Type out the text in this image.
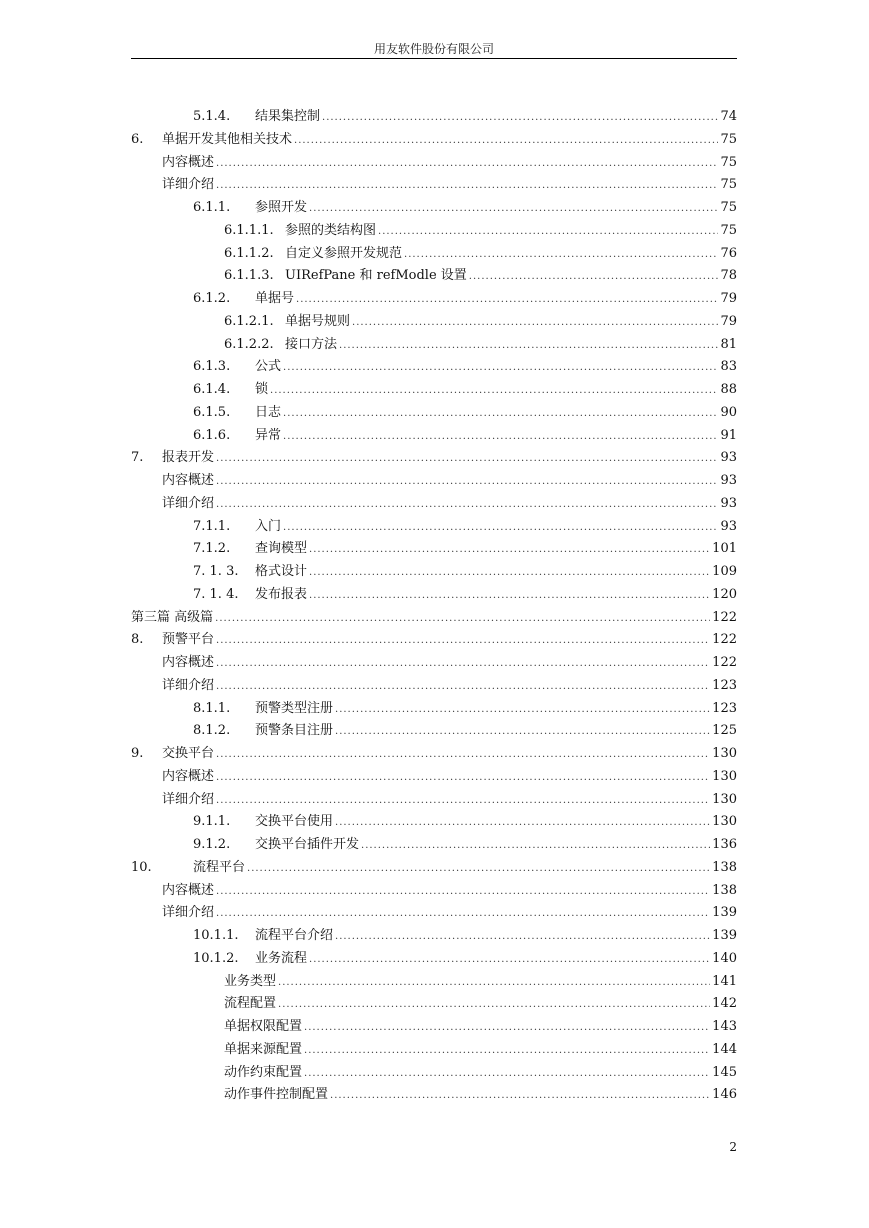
用友软件股份有限公司
5.1.4.	结果集控制 .....	74
6.	单据开发其他相关技术 .....	75
内容概述 .....	75
详细介绍 .....	75
6.1.1.	参照开发 .....	75
6.1.1.1. 参照的类结构图 .....	75
6.1.1.2. 自定义参照开发规范 .....	76
6.1.1.3. UIRefPane 和 refModle 设置 .....	78
6.1.2.	单据号 .....	79
6.1.2.1. 单据号规则 .....	79
6.1.2.2. 接口方法 .....	81
6.1.3.	公式 .....	83
6.1.4.	锁 .....	88
6.1.5.	日志 .....	90
6.1.6.	异常 .....	91
7.	报表开发 .....	93
内容概述 .....	93
详细介绍 .....	93
7.1.1.	入门 .....	93
7.1.2.	查询模型 .....	101
7. 1. 3.	格式设计 .....	109
7. 1. 4.	发布报表 .....	120
第三篇 高级篇 .....	122
8.	预警平台 .....	122
内容概述 .....	122
详细介绍 .....	123
8.1.1.	预警类型注册 .....	123
8.1.2.	预警条目注册 .....	125
9.	交换平台 .....	130
内容概述 .....	130
详细介绍 .....	130
9.1.1.	交换平台使用 .....	130
9.1.2.	交换平台插件开发 .....	136
10.	流程平台 .....	138
内容概述 .....	138
详细介绍 .....	139
10.1.1.	流程平台介绍 .....	139
10.1.2.	业务流程 .....	140
业务类型 .....	141
流程配置 .....	142
单据权限配置 .....	143
单据来源配置 .....	144
动作约束配置 .....	145
动作事件控制配置 .....	146
2
